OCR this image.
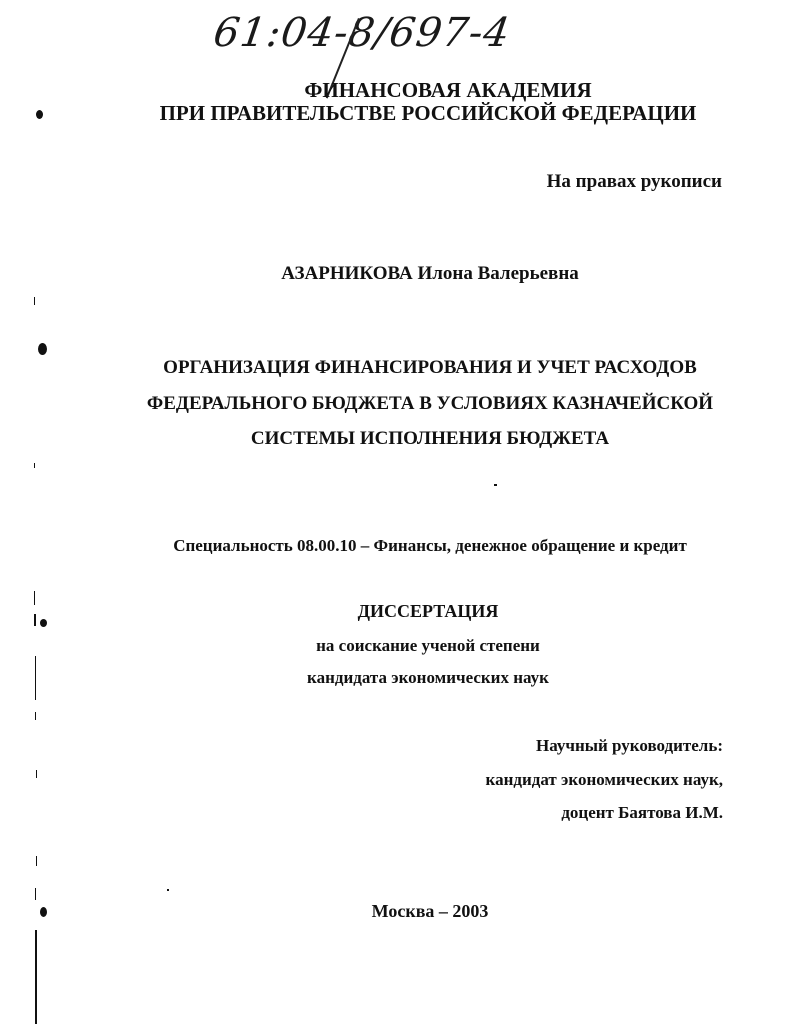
61:04-8/697-4
ФИНАНСОВАЯ АКАДЕМИЯ
ПРИ ПРАВИТЕЛЬСТВЕ РОССИЙСКОЙ ФЕДЕРАЦИИ
На правах рукописи
АЗАРНИКОВА Илона Валерьевна
ОРГАНИЗАЦИЯ ФИНАНСИРОВАНИЯ И УЧЕТ РАСХОДОВ
ФЕДЕРАЛЬНОГО БЮДЖЕТА В УСЛОВИЯХ КАЗНАЧЕЙСКОЙ
СИСТЕМЫ ИСПОЛНЕНИЯ БЮДЖЕТА
Специальность 08.00.10 – Финансы, денежное обращение и кредит
ДИССЕРТАЦИЯ
на соискание ученой степени
кандидата экономических наук
Научный руководитель:
кандидат экономических наук,
доцент Баятова И.М.
Москва – 2003
